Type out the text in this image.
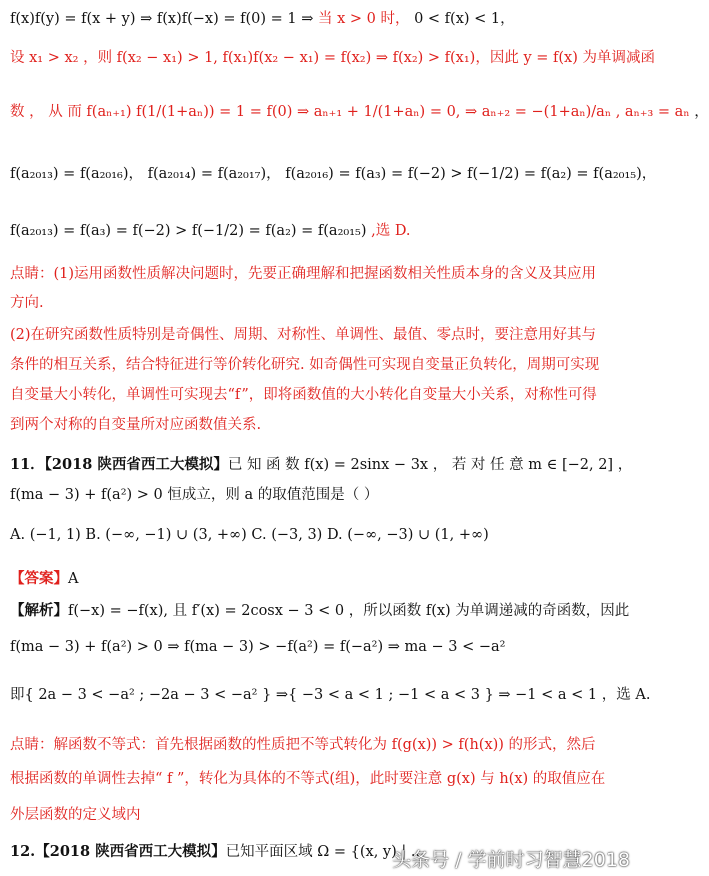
f(x)f(y) = f(x + y) ⇒ f(x)f(−x) = f(0) = 1 ⇒ 当 x > 0 时， 0 < f(x) < 1，
设 x₁ > x₂ ，则 f(x₂ − x₁) > 1, f(x₁)f(x₂ − x₁) = f(x₂) ⇒ f(x₂) > f(x₁)，因此 y = f(x) 为单调减函
数 ， 从 而 f(aₙ₊₁) f(1/(1+aₙ)) = 1 = f(0) ⇒ aₙ₊₁ + 1/(1+aₙ) = 0, ⇒ aₙ₊₂ = −(1+aₙ)/aₙ , aₙ₊₃ = aₙ ，
f(a₂₀₁₃) = f(a₂₀₁₆)， f(a₂₀₁₄) = f(a₂₀₁₇)， f(a₂₀₁₆) = f(a₃) = f(−2) > f(−1/2) = f(a₂) = f(a₂₀₁₅)，
f(a₂₀₁₃) = f(a₃) = f(−2) > f(−1/2) = f(a₂) = f(a₂₀₁₅) ,选 D.
点睛：(1)运用函数性质解决问题时，先要正确理解和把握函数相关性质本身的含义及其应用
方向.
(2)在研究函数性质特别是奇偶性、周期、对称性、单调性、最值、零点时，要注意用好其与
条件的相互关系，结合特征进行等价转化研究. 如奇偶性可实现自变量正负转化，周期可实现
自变量大小转化，单调性可实现去“f”，即将函数值的大小转化自变量大小关系，对称性可得
到两个对称的自变量所对应函数值关系.
11．【2018 陕西省西工大模拟】已 知 函 数 f(x) = 2sinx − 3x ， 若 对 任 意 m ∈ [−2, 2] ，
f(ma − 3) + f(a²) > 0 恒成立，则 a 的取值范围是（ ）
A. (−1, 1) B. (−∞, −1) ∪ (3, +∞) C. (−3, 3) D. (−∞, −3) ∪ (1, +∞)
【答案】A
【解析】f(−x) = −f(x), 且 f′(x) = 2cosx − 3 < 0 ，所以函数 f(x) 为单调递减的奇函数，因此
f(ma − 3) + f(a²) > 0 ⇒ f(ma − 3) > −f(a²) = f(−a²) ⇒ ma − 3 < −a²
即{ 2a − 3 < −a² ; −2a − 3 < −a² } ⇒{ −3 < a < 1 ; −1 < a < 3 } ⇒ −1 < a < 1 ，选 A.
点睛：解函数不等式：首先根据函数的性质把不等式转化为 f(g(x)) > f(h(x)) 的形式，然后
根据函数的单调性去掉“ f ”，转化为具体的不等式(组)，此时要注意 g(x) 与 h(x) 的取值应在
外层函数的定义域内
12.【2018 陕西省西工大模拟】已知平面区域 Ω = {(x, y) | ...
头条号 / 学前时习智慧2018
